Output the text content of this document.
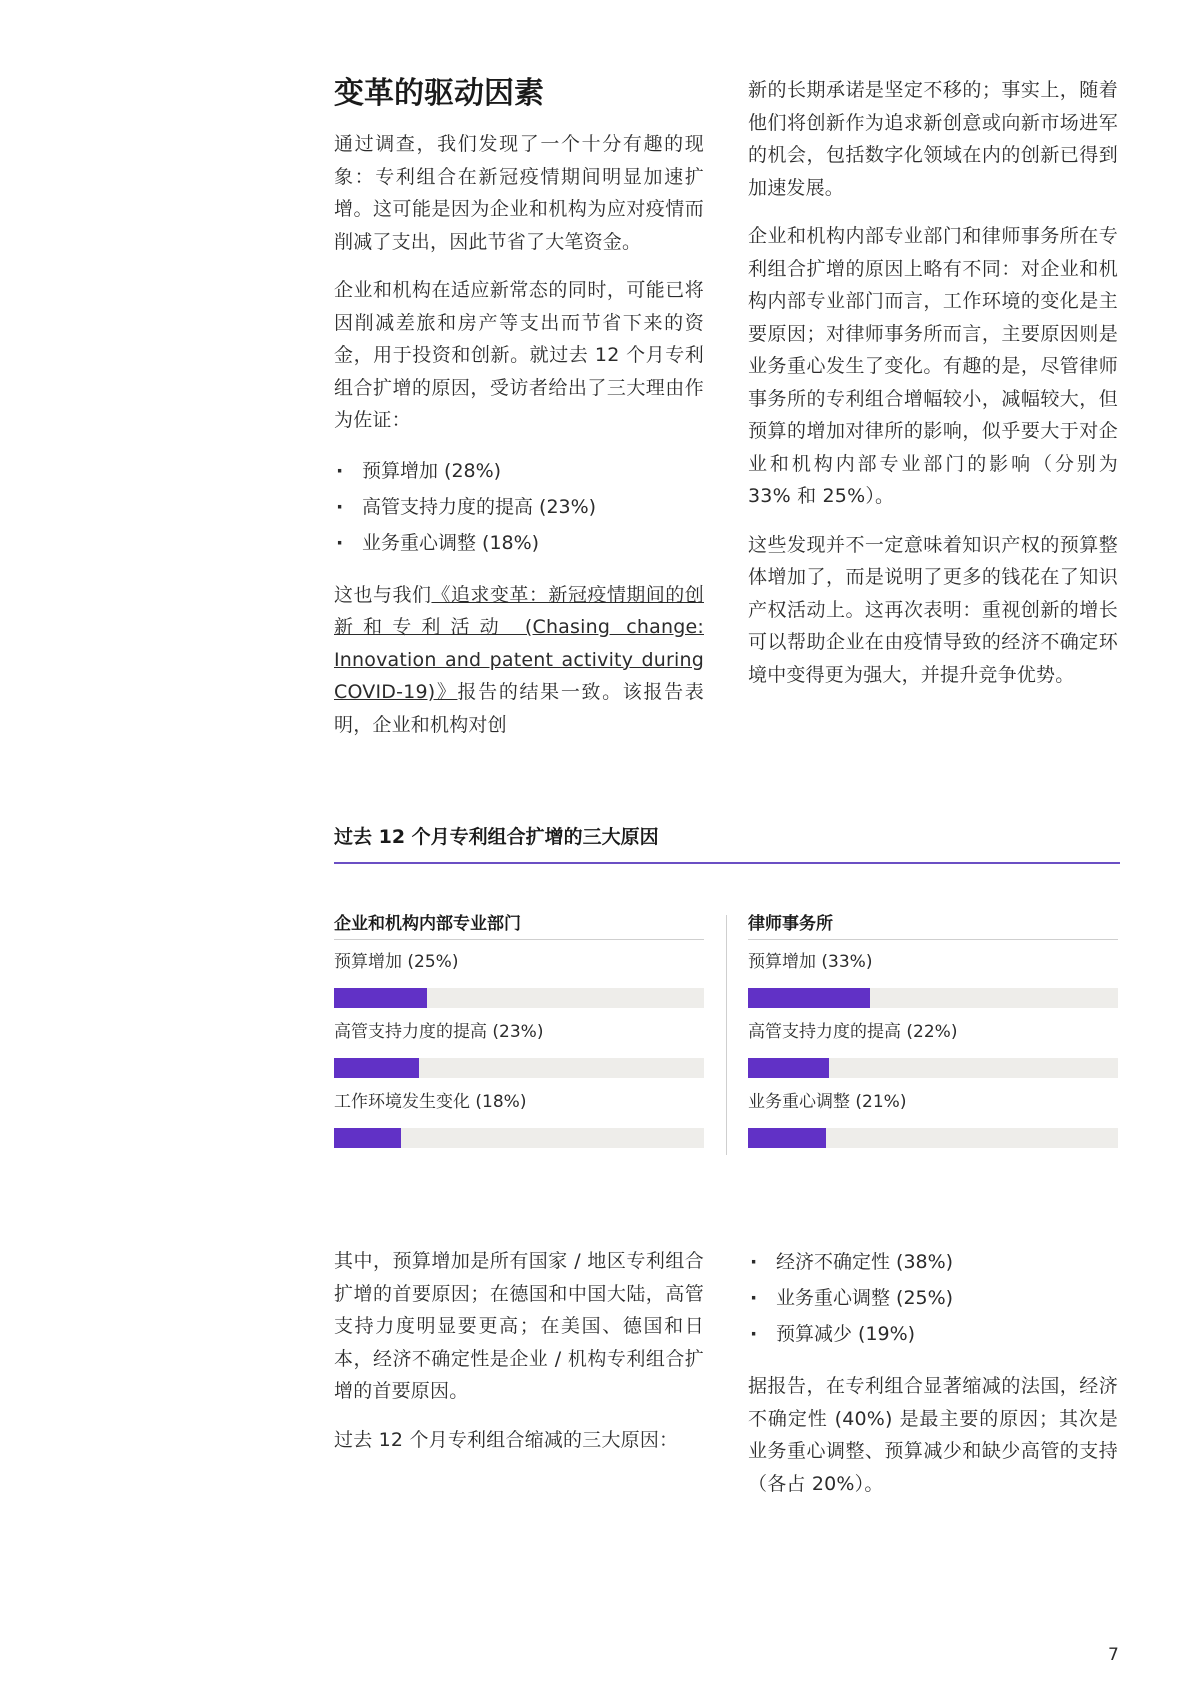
变革的驱动因素

通过调查，我们发现了一个十分有趣的现象：专利组合在新冠疫情期间明显加速扩增。这可能是因为企业和机构为应对疫情而削减了支出，因此节省了大笔资金。

企业和机构在适应新常态的同时，可能已将因削减差旅和房产等支出而节省下来的资金，用于投资和创新。就过去 12 个月专利组合扩增的原因，受访者给出了三大理由作为佐证：

· 预算增加 (28%)
· 高管支持力度的提高 (23%)
· 业务重心调整 (18%)

这也与我们《追求变革：新冠疫情期间的创新和专利活动 (Chasing change: Innovation and patent activity during COVID-19)》报告的结果一致。该报告表明，企业和机构对创

新的长期承诺是坚定不移的；事实上，随着他们将创新作为追求新创意或向新市场进军的机会，包括数字化领域在内的创新已得到加速发展。

企业和机构内部专业部门和律师事务所在专利组合扩增的原因上略有不同：对企业和机构内部专业部门而言，工作环境的变化是主要原因；对律师事务所而言，主要原因则是业务重心发生了变化。有趣的是，尽管律师事务所的专利组合增幅较小，减幅较大，但预算的增加对律所的影响，似乎要大于对企业和机构内部专业部门的影响（分别为 33% 和 25%）。

这些发现并不一定意味着知识产权的预算整体增加了，而是说明了更多的钱花在了知识产权活动上。这再次表明：重视创新的增长可以帮助企业在由疫情导致的经济不确定环境中变得更为强大，并提升竞争优势。

过去 12 个月专利组合扩增的三大原因
企业和机构内部专业部门
预算增加 (25%)
高管支持力度的提高 (23%)
工作环境发生变化 (18%)
律师事务所
预算增加 (33%)
高管支持力度的提高 (22%)
业务重心调整 (21%)

其中，预算增加是所有国家 / 地区专利组合扩增的首要原因；在德国和中国大陆，高管支持力度明显要更高；在美国、德国和日本，经济不确定性是企业 / 机构专利组合扩增的首要原因。

过去 12 个月专利组合缩减的三大原因：

· 经济不确定性 (38%)
· 业务重心调整 (25%)
· 预算减少 (19%)

据报告，在专利组合显著缩减的法国，经济不确定性 (40%) 是最主要的原因；其次是业务重心调整、预算减少和缺少高管的支持（各占 20%）。

7
